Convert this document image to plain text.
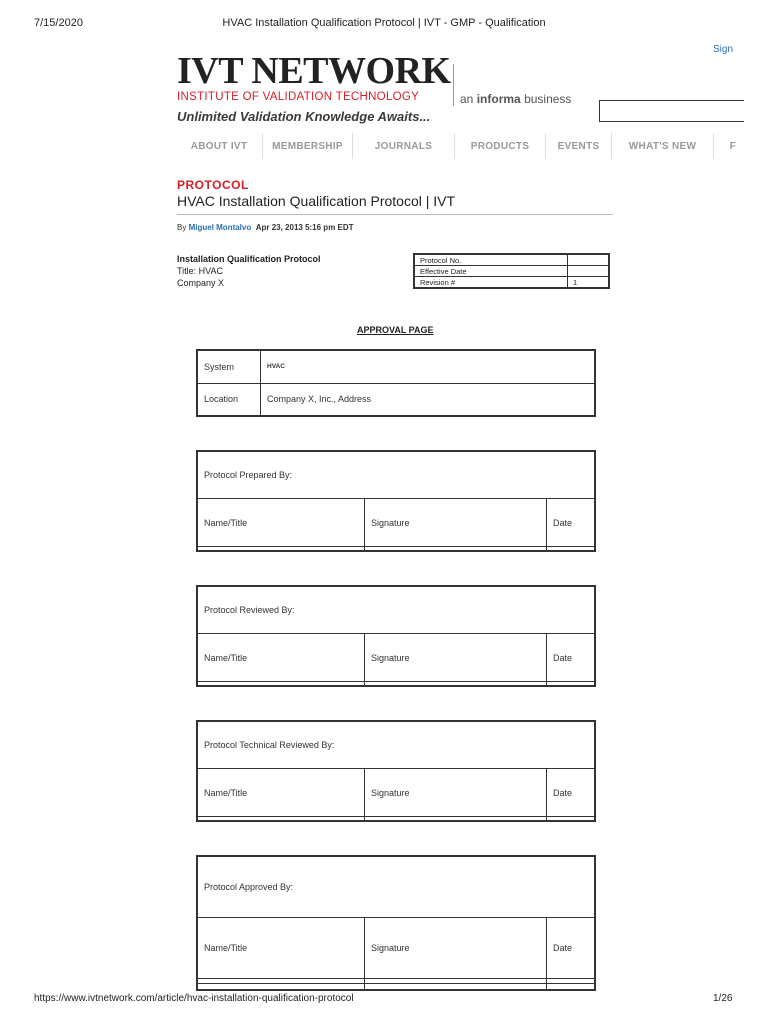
7/15/2020	HVAC Installation Qualification Protocol | IVT - GMP - Qualification
Sign
IVT NETWORK
INSTITUTE OF VALIDATION TECHNOLOGY
Unlimited Validation Knowledge Awaits...
an informa business
ABOUT IVT	MEMBERSHIP	JOURNALS	PRODUCTS	EVENTS	WHAT'S NEW	F
PROTOCOL
HVAC Installation Qualification Protocol | IVT
By Miguel Montalvo Apr 23, 2013 5:16 pm EDT
Installation Qualification Protocol
Title: HVAC
Company X
Protocol No.	
Effective Date	
Revision #	1
APPROVAL PAGE
System	HVAC
Location	Company X, Inc., Address
Protocol Prepared By:		
Name/Title	Signature	Date

Protocol Reviewed By:		
Name/Title	Signature	Date

Protocol Technical Reviewed By:		
Name/Title	Signature	Date

Protocol Approved By:		
Name/Title	Signature	Date

https://www.ivtnetwork.com/article/hvac-installation-qualification-protocol	1/26
